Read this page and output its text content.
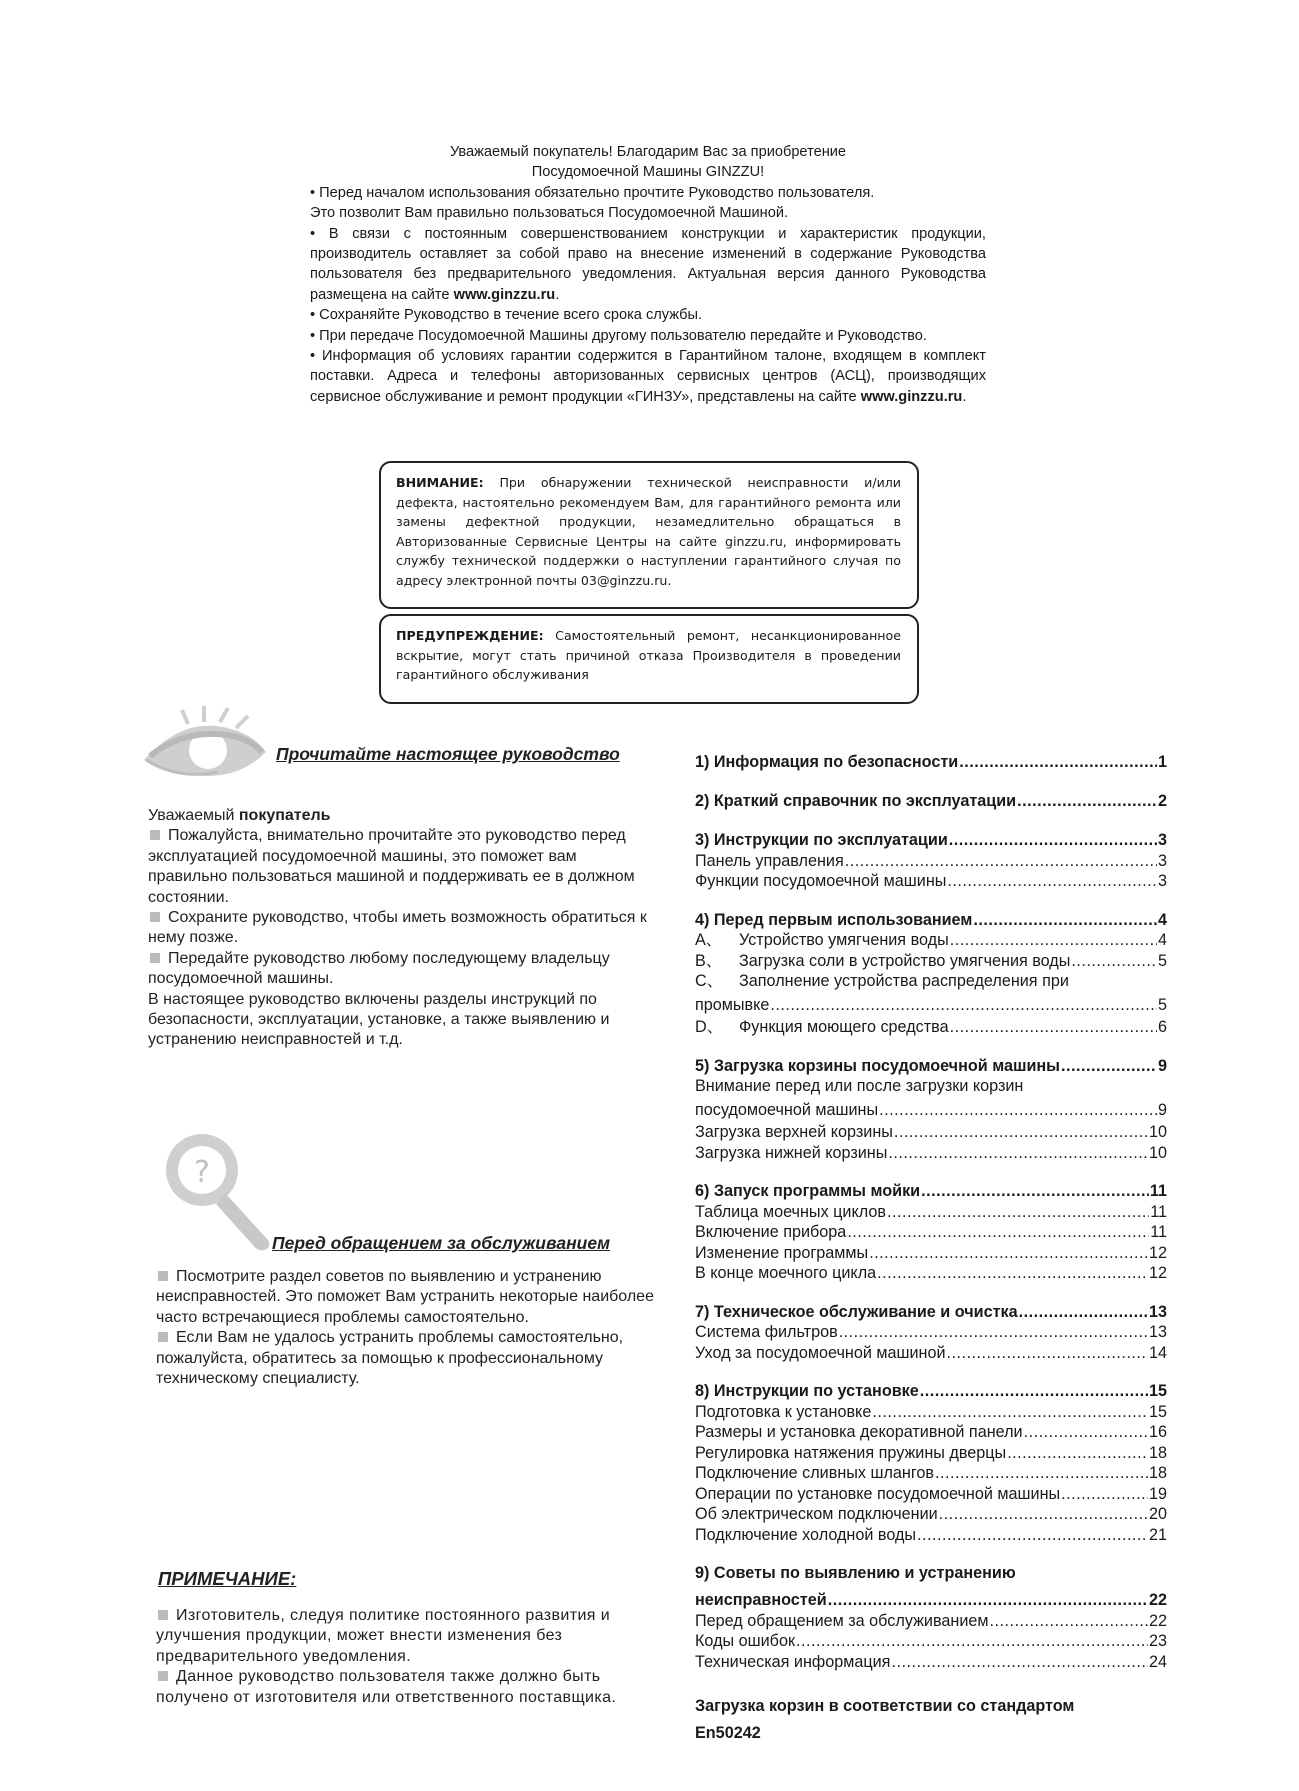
Уважаемый покупатель! Благодарим Вас за приобретение
Посудомоечной Машины GINZZU!

• Перед началом использования обязательно прочтите Руководство пользователя.

Это позволит Вам правильно пользоваться Посудомоечной Машиной.

• В связи с постоянным совершенствованием конструкции и характеристик продукции, производитель оставляет за собой право на внесение изменений в содержание Руководства пользователя без предварительного уведомления. Актуальная версия данного Руководства размещена на сайте www.ginzzu.ru.

• Сохраняйте Руководство в течение всего срока службы.

• При передаче Посудомоечной Машины другому пользователю передайте и Руководство.

• Информация об условиях гарантии содержится в Гарантийном талоне, входящем в комплект поставки. Адреса и телефоны авторизованных сервисных центров (АСЦ), производящих сервисное обслуживание и ремонт продукции «ГИНЗУ», представлены на сайте www.ginzzu.ru.

ВНИМАНИЕ: При обнаружении технической неисправности и/или дефекта, настоятельно рекомендуем Вам, для гарантийного ремонта или замены дефектной продукции, незамедлительно обращаться в Авторизованные Сервисные Центры на сайте ginzzu.ru, информировать службу технической поддержки о наступлении гарантийного случая по адресу электронной почты 03@ginzzu.ru.
ПРЕДУПРЕЖДЕНИЕ: Самостоятельный ремонт, несанкционированное вскрытие, могут стать причиной отказа Производителя в проведении гарантийного обслуживания
Прочитайте настоящее руководство

Уважаемый покупатель

Пожалуйста, внимательно прочитайте это руководство перед эксплуатацией посудомоечной машины, это поможет вам правильно пользоваться машиной и поддерживать ее в должном состоянии.

Сохраните руководство, чтобы иметь возможность обратиться к нему позже.

Передайте руководство любому последующему владельцу посудомоечной машины.

В настоящее руководство включены разделы инструкций по безопасности, эксплуатации, установке, а также выявлению и устранению неисправностей и т.д.

?
Перед обращением за обслуживанием

Посмотрите раздел советов по выявлению и устранению неисправностей. Это поможет Вам устранить некоторые наиболее часто встречающиеся проблемы самостоятельно.

Если Вам не удалось устранить проблемы самостоятельно, пожалуйста, обратитесь за помощью к профессиональному техническому специалисту.

ПРИМЕЧАНИЕ:

Изготовитель, следуя политике постоянного развития и улучшения продукции, может внести изменения без предварительного уведомления.

Данное руководство пользователя также должно быть получено от изготовителя или ответственного поставщика.

1) Информация по безопасности .....	1
2) Краткий справочник по эксплуатации .....	2
3) Инструкции по эксплуатации .....	3
Панель управления .....	3
Функции посудомоечной машины .....	3
4) Перед первым использованием .....	4
A、 Устройство умягчения воды .....	4
B、 Загрузка соли в устройство умягчения воды .....	5
C、 Заполнение устройства распределения при
промывке .....	5
D、 Функция моющего средства .....	6
5) Загрузка корзины посудомоечной машины .....	9
Внимание перед или после загрузки корзин
посудомоечной машины .....	9
Загрузка верхней корзины .....	10
Загрузка нижней корзины .....	10
6) Запуск программы мойки .....	11
Таблица моечных циклов .....	11
Включение прибора .....	11
Изменение программы .....	12
В конце моечного цикла .....	12
7) Техническое обслуживание и очистка .....	13
Система фильтров .....	13
Уход за посудомоечной машиной .....	14
8) Инструкции по установке .....	15
Подготовка к установке .....	15
Размеры и установка декоративной панели .....	16
Регулировка натяжения пружины дверцы .....	18
Подключение сливных шлангов .....	18
Операции по установке посудомоечной машины .....	19
Об электрическом подключении .....	20
Подключение холодной воды .....	21
9) Советы по выявлению и устранению
неисправностей .....	22
Перед обращением за обслуживанием .....	22
Коды ошибок .....	23
Техническая информация .....	24
Загрузка корзин в соответствии со стандартом
En50242
